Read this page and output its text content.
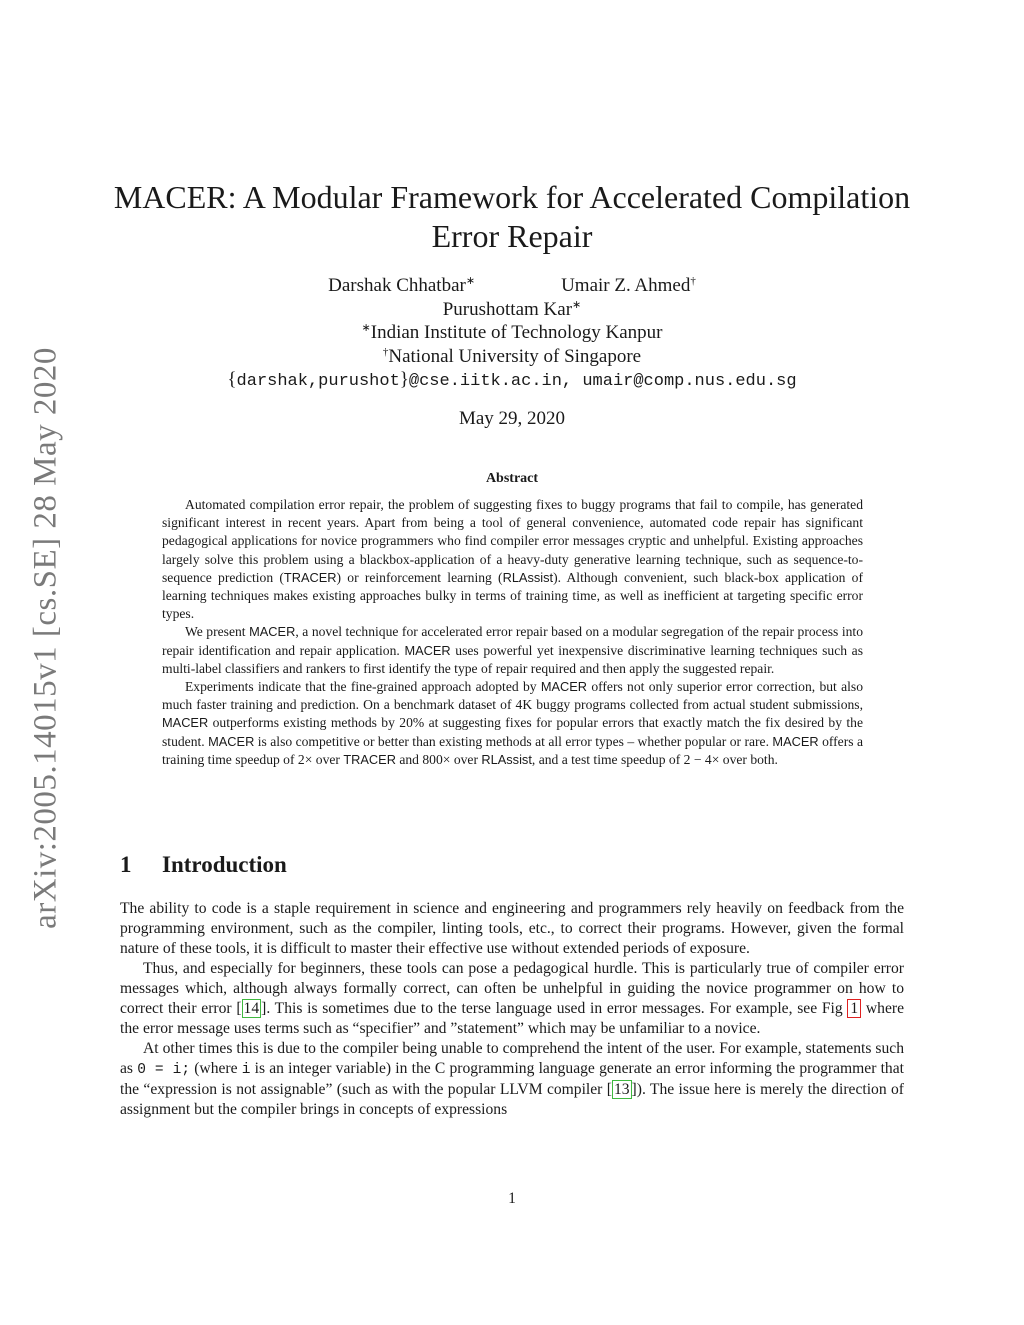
arXiv:2005.14015v1 [cs.SE] 28 May 2020
MACER: A Modular Framework for Accelerated Compilation Error Repair
Darshak Chhatbar∗	Umair Z. Ahmed†
Purushottam Kar∗
∗Indian Institute of Technology Kanpur
†National University of Singapore
{darshak,purushot}@cse.iitk.ac.in, umair@comp.nus.edu.sg
May 29, 2020
Abstract

Automated compilation error repair, the problem of suggesting fixes to buggy programs that fail to compile, has generated significant interest in recent years. Apart from being a tool of general convenience, automated code repair has significant pedagogical applications for novice programmers who find compiler error messages cryptic and unhelpful. Existing approaches largely solve this problem using a blackbox-application of a heavy-duty generative learning technique, such as sequence-to-sequence prediction (TRACER) or reinforcement learning (RLAssist). Although convenient, such black-box application of learning techniques makes existing approaches bulky in terms of training time, as well as inefficient at targeting specific error types.

We present MACER, a novel technique for accelerated error repair based on a modular segregation of the repair process into repair identification and repair application. MACER uses powerful yet inexpensive discriminative learning techniques such as multi-label classifiers and rankers to first identify the type of repair required and then apply the suggested repair.

Experiments indicate that the fine-grained approach adopted by MACER offers not only superior error correction, but also much faster training and prediction. On a benchmark dataset of 4K buggy programs collected from actual student submissions, MACER outperforms existing methods by 20% at suggesting fixes for popular errors that exactly match the fix desired by the student. MACER is also competitive or better than existing methods at all error types – whether popular or rare. MACER offers a training time speedup of 2× over TRACER and 800× over RLAssist, and a test time speedup of 2 − 4× over both.

1 Introduction

The ability to code is a staple requirement in science and engineering and programmers rely heavily on feedback from the programming environment, such as the compiler, linting tools, etc., to correct their programs. However, given the formal nature of these tools, it is difficult to master their effective use without extended periods of exposure.

Thus, and especially for beginners, these tools can pose a pedagogical hurdle. This is particularly true of compiler error messages which, although always formally correct, can often be unhelpful in guiding the novice programmer on how to correct their error [ 14 ]. This is sometimes due to the terse language used in error messages. For example, see Fig 1 where the error message uses terms such as “specifier” and ”statement” which may be unfamiliar to a novice.

At other times this is due to the compiler being unable to comprehend the intent of the user. For example, statements such as 0 = i; (where i is an integer variable) in the C programming language generate an error informing the programmer that the “expression is not assignable” (such as with the popular LLVM compiler [ 13 ]). The issue here is merely the direction of assignment but the compiler brings in concepts of expressions

1
